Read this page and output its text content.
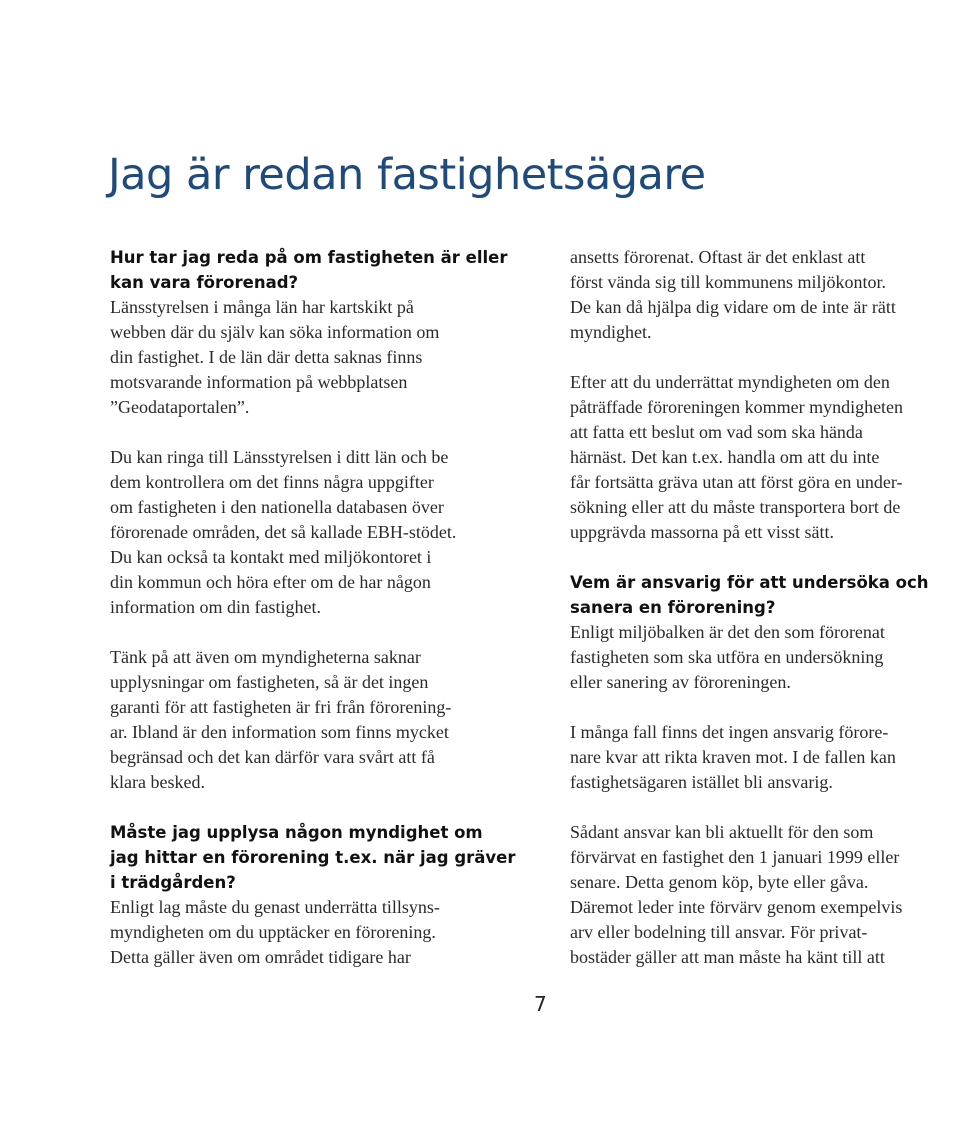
Jag är redan fastighetsägare

Hur tar jag reda på om fastigheten är eller
kan vara förorenad?

Länsstyrelsen i många län har kartskikt på
webben där du själv kan söka information om
din fastighet. I de län där detta saknas finns
motsvarande information på webbplatsen
”Geodataportalen”.

Du kan ringa till Länsstyrelsen i ditt län och be
dem kontrollera om det finns några uppgifter
om fastigheten i den nationella databasen över
förorenade områden, det så kallade EBH-stödet.
Du kan också ta kontakt med miljökontoret i
din kommun och höra efter om de har någon
information om din fastighet.

Tänk på att även om myndigheterna saknar
upplysningar om fastigheten, så är det ingen
garanti för att fastigheten är fri från förorening-
ar. Ibland är den information som finns mycket
begränsad och det kan därför vara svårt att få
klara besked.

Måste jag upplysa någon myndighet om
jag hittar en förorening t.ex. när jag gräver
i trädgården?

Enligt lag måste du genast underrätta tillsyns-
myndigheten om du upptäcker en förorening.
Detta gäller även om området tidigare har

ansetts förorenat. Oftast är det enklast att
först vända sig till kommunens miljökontor.
De kan då hjälpa dig vidare om de inte är rätt
myndighet.

Efter att du underrättat myndigheten om den
påträffade föroreningen kommer myndigheten
att fatta ett beslut om vad som ska hända
härnäst. Det kan t.ex. handla om att du inte
får fortsätta gräva utan att först göra en under-
sökning eller att du måste transportera bort de
uppgrävda massorna på ett visst sätt.

Vem är ansvarig för att undersöka och
sanera en förorening?

Enligt miljöbalken är det den som förorenat
fastigheten som ska utföra en undersökning
eller sanering av föroreningen.

I många fall finns det ingen ansvarig förore-
nare kvar att rikta kraven mot. I de fallen kan
fastighetsägaren istället bli ansvarig.

Sådant ansvar kan bli aktuellt för den som
förvärvat en fastighet den 1 januari 1999 eller
senare. Detta genom köp, byte eller gåva.
Däremot leder inte förvärv genom exempelvis
arv eller bodelning till ansvar. För privat-
bostäder gäller att man måste ha känt till att

7
